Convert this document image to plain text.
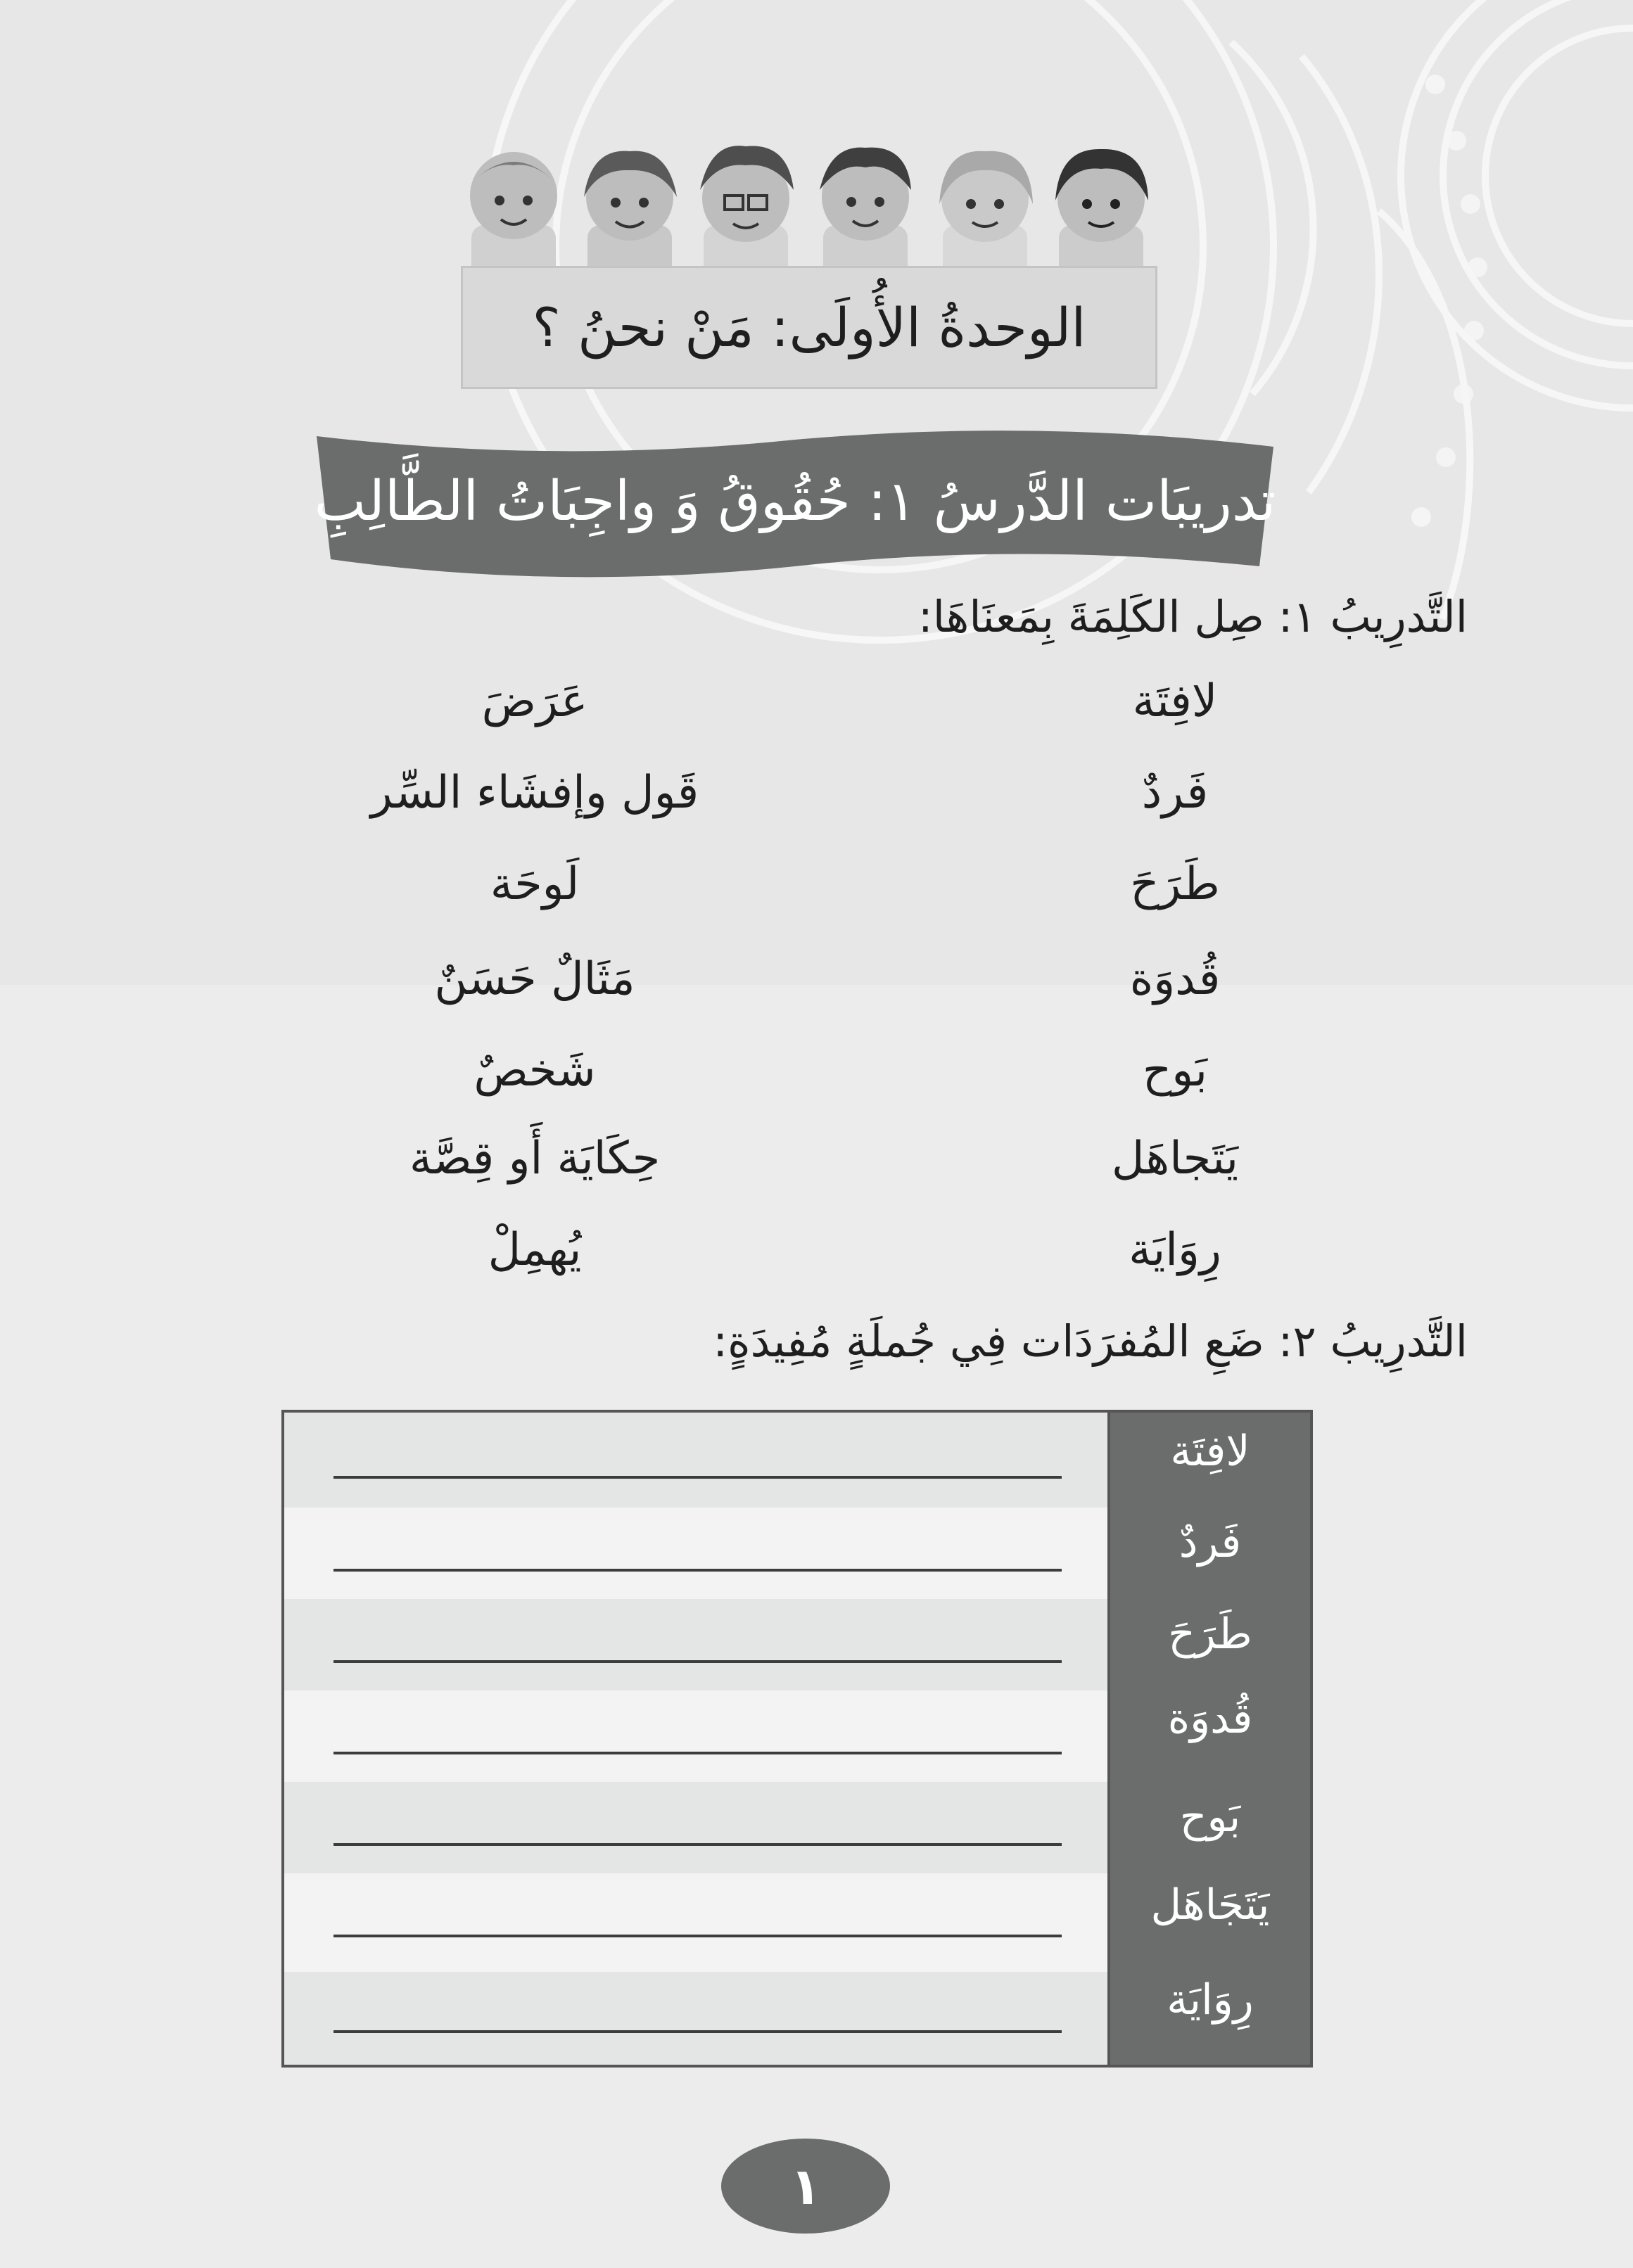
الوحدةُ الأُولَى: مَنْ نحنُ ؟
تدريبَات الدَّرسُ ١: حُقُوقُ وَ واجِبَاتُ الطَّالِبِ
التَّدرِيبُ ١: صِل الكَلِمَةَ بِمَعنَاهَا:
لافِتَة
فَردٌ
طَرَحَ
قُدوَة
بَوح
يَتَجاهَل
رِوَايَة
عَرَضَ
قَول وإفشَاء السِّر
لَوحَة
مَثَالٌ حَسَنٌ
شَخصٌ
حِكَايَة أَو قِصَّة
يُهمِلْ
التَّدرِيبُ ٢: ضَعِ المُفرَدَات فِي جُملَةٍ مُفِيدَةٍ:
لافِتَة
فَردٌ
طَرَحَ
قُدوَة
بَوح
يَتَجَاهَل
رِوَايَة
١
